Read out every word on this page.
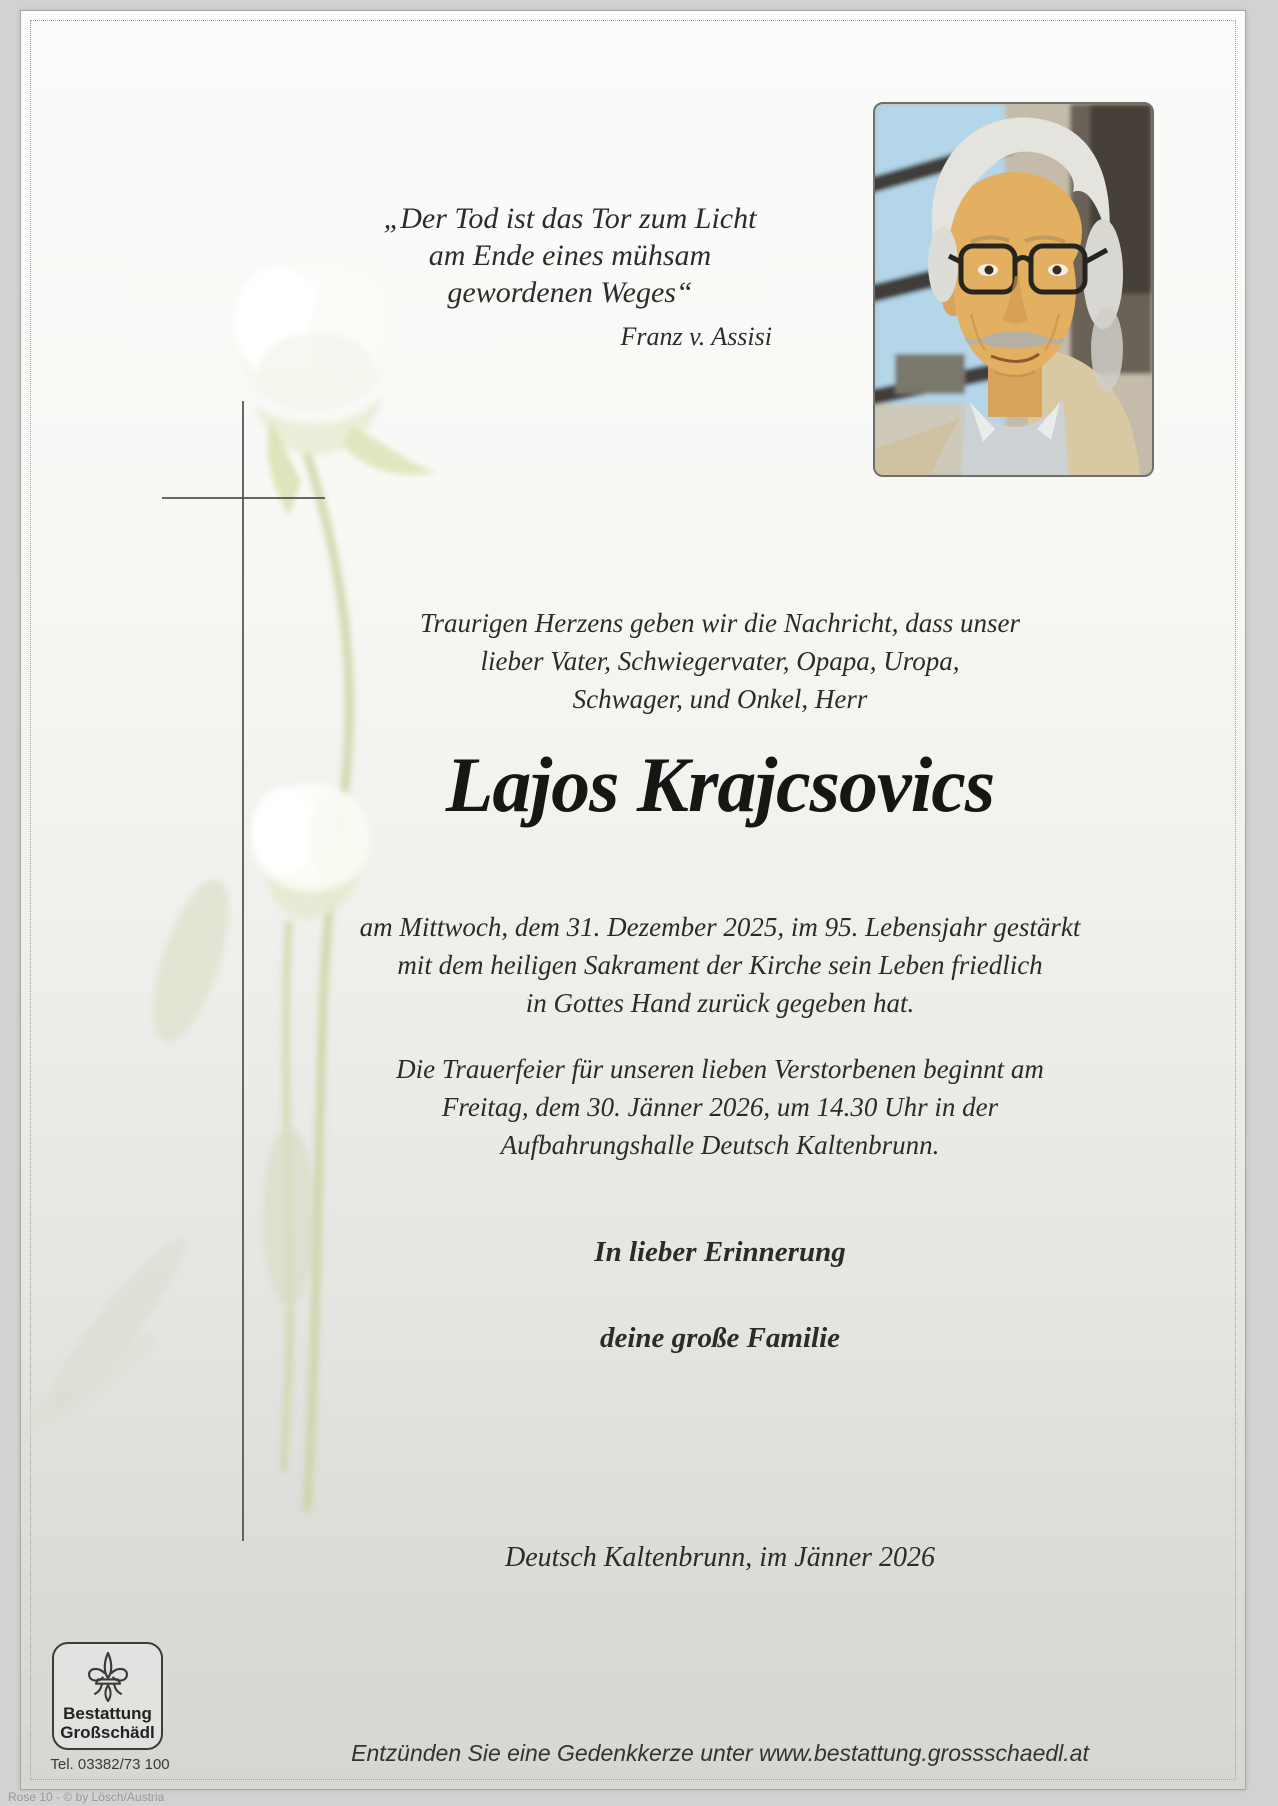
„Der Tod ist das Tor zum Licht
am Ende eines mühsam
gewordenen Weges“
Franz v. Assisi
Traurigen Herzens geben wir die Nachricht, dass unser
lieber Vater, Schwiegervater, Opapa, Uropa,
Schwager, und Onkel, Herr
Lajos Krajcsovics
am Mittwoch, dem 31. Dezember 2025, im 95. Lebensjahr gestärkt
mit dem heiligen Sakrament der Kirche sein Leben friedlich
in Gottes Hand zurück gegeben hat.
Die Trauerfeier für unseren lieben Verstorbenen beginnt am
Freitag, dem 30. Jänner 2026, um 14.30 Uhr in der
Aufbahrungshalle Deutsch Kaltenbrunn.
In lieber Erinnerung
deine große Familie
Deutsch Kaltenbrunn, im Jänner 2026
Bestattung
Großschädl
Tel. 03382/73 100	Entzünden Sie eine Gedenkkerze unter www.bestattung.grossschaedl.at
Rose 10 - © by Lösch/Austria
